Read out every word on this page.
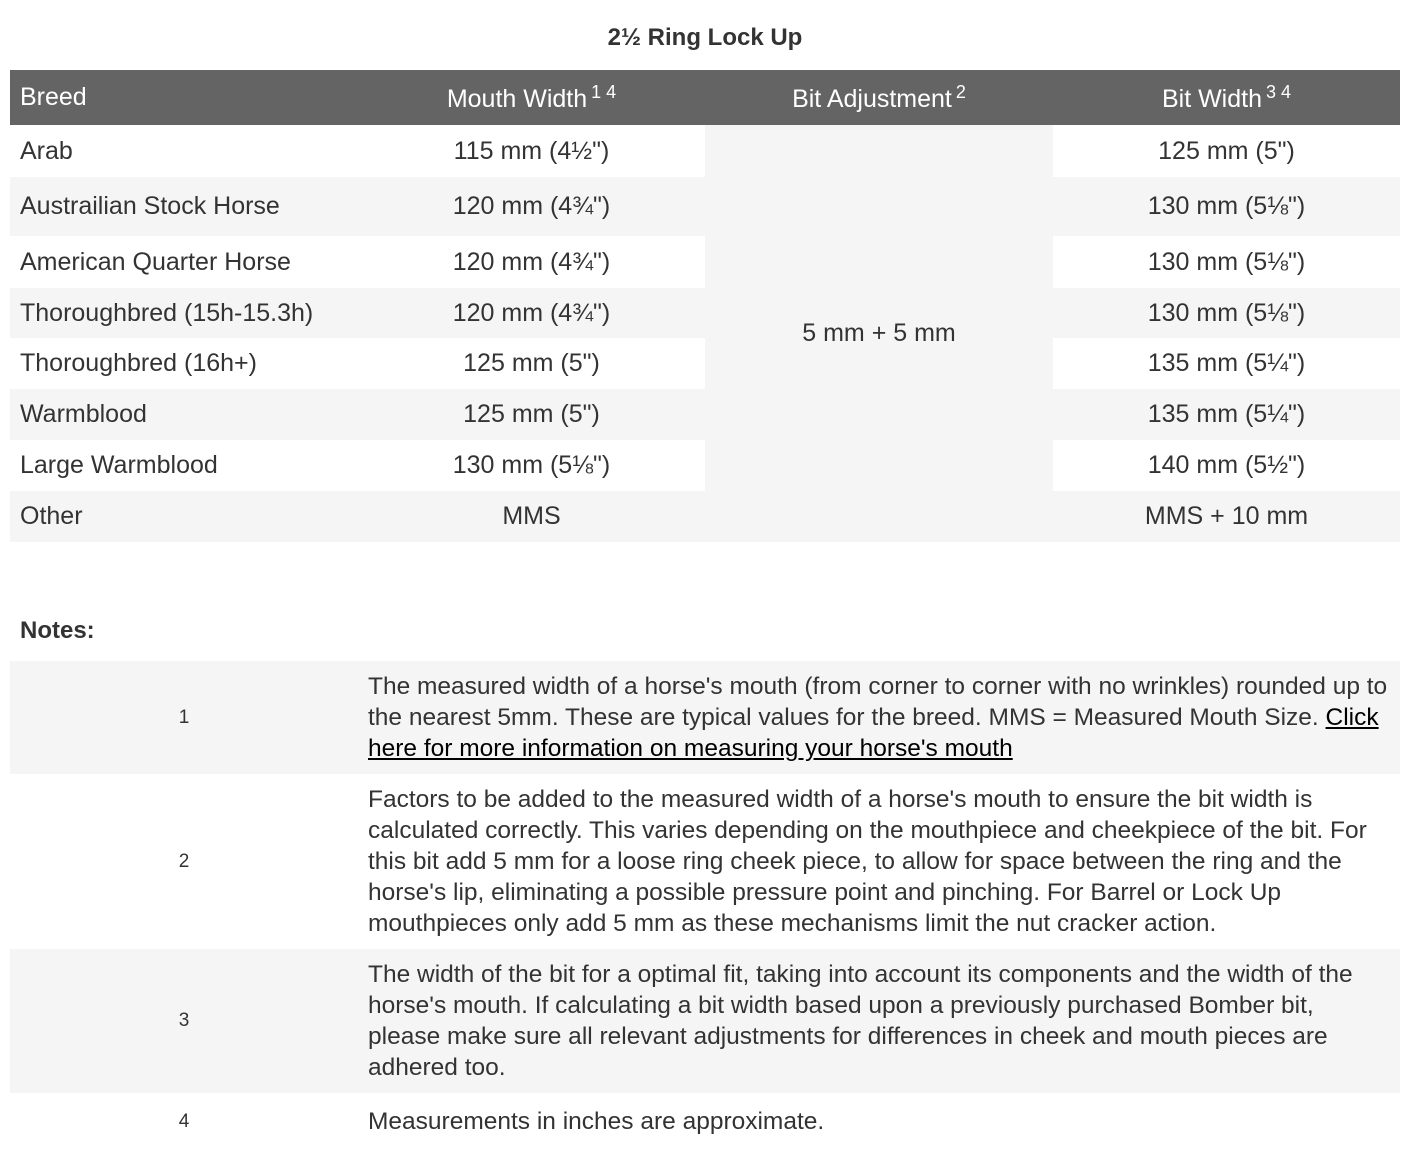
2½ Ring Lock Up
Breed	Mouth Width $^{1 4}$	Bit Adjustment $^2$	Bit Width $^{3 4}$
Arab	115 mm (4½")	5 mm + 5 mm	125 mm (5")
Austrailian Stock Horse	120 mm (4¾")		130 mm (5⅛")
American Quarter Horse	120 mm (4¾")		130 mm (5⅛")
Thoroughbred (15h-15.3h)	120 mm (4¾")		130 mm (5⅛")
Thoroughbred (16h+)	125 mm (5")		135 mm (5¼")
Warmblood	125 mm (5")		135 mm (5¼")
Large Warmblood	130 mm (5⅛")		140 mm (5½")
Other	MMS		MMS + 10 mm
Notes:
1	The measured width of a horse's mouth (from corner to corner with no wrinkles) rounded up to the nearest 5mm. These are typical values for the breed. MMS = Measured Mouth Size. Click here for more information on measuring your horse's mouth
2	Factors to be added to the measured width of a horse's mouth to ensure the bit width is calculated correctly. This varies depending on the mouthpiece and cheekpiece of the bit. For this bit add 5 mm for a loose ring cheek piece, to allow for space between the ring and the horse's lip, eliminating a possible pressure point and pinching. For Barrel or Lock Up mouthpieces only add 5 mm as these mechanisms limit the nut cracker action.
3	The width of the bit for a optimal fit, taking into account its components and the width of the horse's mouth. If calculating a bit width based upon a previously purchased Bomber bit, please make sure all relevant adjustments for differences in cheek and mouth pieces are adhered too.
4	Measurements in inches are approximate.
